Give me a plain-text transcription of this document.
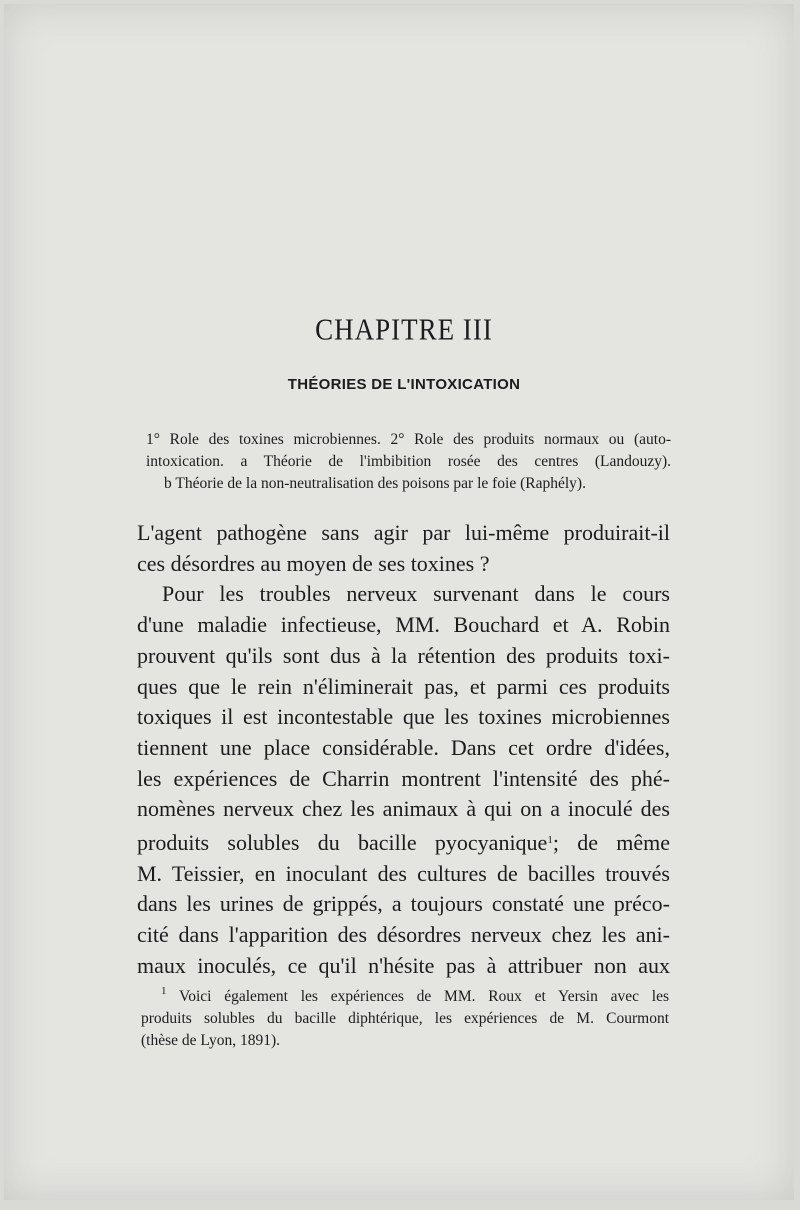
CHAPITRE III
THÉORIES DE L'INTOXICATION
1° Role des toxines microbiennes. 2° Role des produits normaux ou (auto-
intoxication. a Théorie de l'imbibition rosée des centres (Landouzy).
b Théorie de la non-neutralisation des poisons par le foie (Raphély).
L'agent pathogène sans agir par lui-même produirait-il
ces désordres au moyen de ses toxines ?
Pour les troubles nerveux survenant dans le cours
d'une maladie infectieuse, MM. Bouchard et A. Robin
prouvent qu'ils sont dus à la rétention des produits toxi-
ques que le rein n'éliminerait pas, et parmi ces produits
toxiques il est incontestable que les toxines microbiennes
tiennent une place considérable. Dans cet ordre d'idées,
les expériences de Charrin montrent l'intensité des phé-
nomènes nerveux chez les animaux à qui on a inoculé des
produits solubles du bacille pyocyanique$^1$; de même
M. Teissier, en inoculant des cultures de bacilles trouvés
dans les urines de grippés, a toujours constaté une préco-
cité dans l'apparition des désordres nerveux chez les ani-
maux inoculés, ce qu'il n'hésite pas à attribuer non aux
$^1$ Voici également les expériences de MM. Roux et Yersin avec les
produits solubles du bacille diphtérique, les expériences de M. Courmont
(thèse de Lyon, 1891).
